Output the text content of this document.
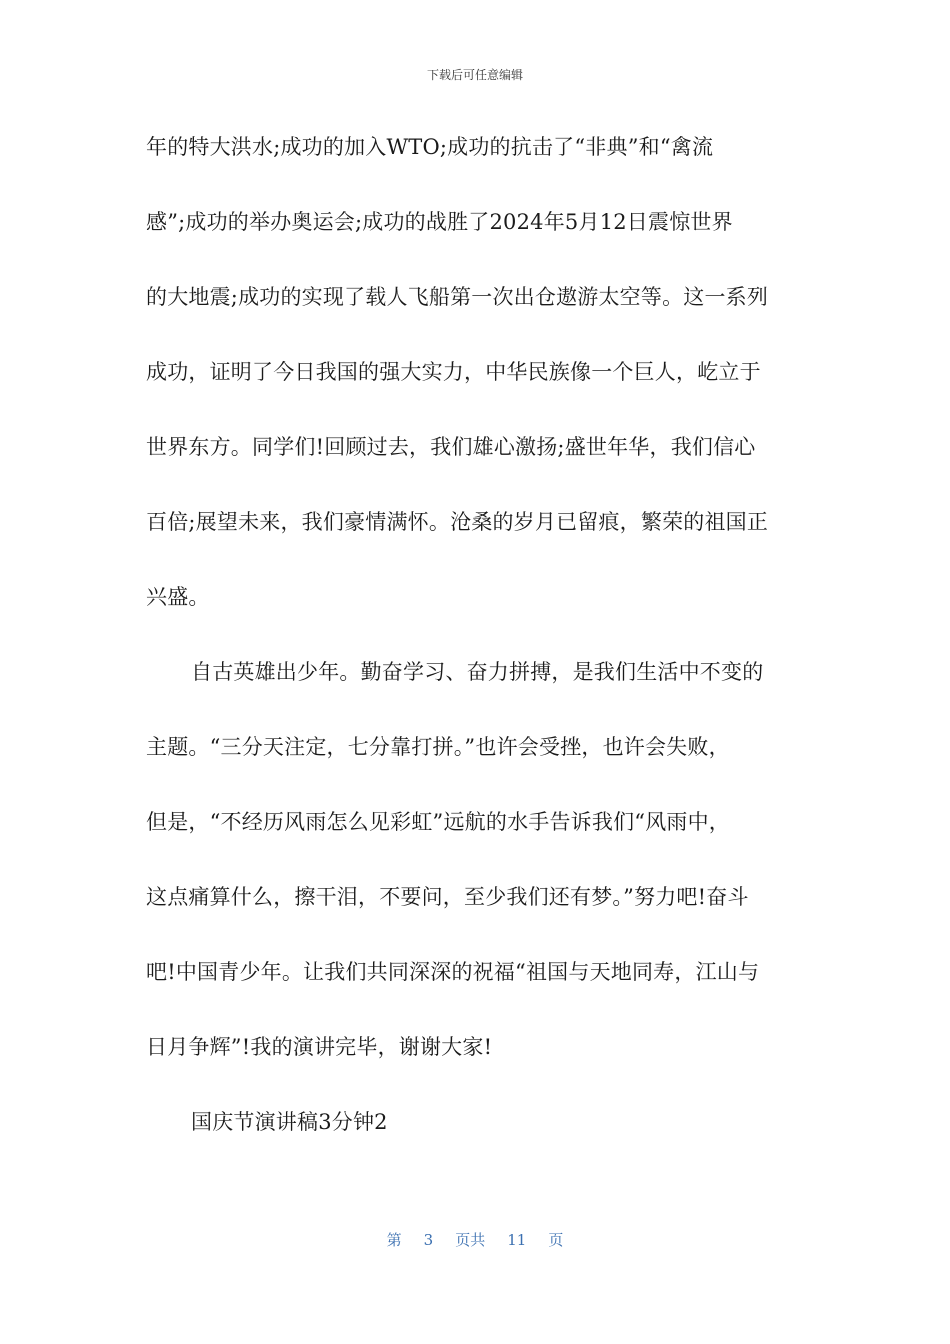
下载后可任意编辑
年的特大洪水;成功的加入WTO;成功的抗击了“非典”和“禽流
感”;成功的举办奥运会;成功的战胜了2024年5月12日震惊世界
的大地震;成功的实现了载人飞船第一次出仓遨游太空等。这一系列
成功，证明了今日我国的强大实力，中华民族像一个巨人，屹立于
世界东方。同学们!回顾过去，我们雄心激扬;盛世年华，我们信心
百倍;展望未来，我们豪情满怀。沧桑的岁月已留痕，繁荣的祖国正
兴盛。
自古英雄出少年。勤奋学习、奋力拼搏，是我们生活中不变的
主题。“三分天注定，七分靠打拼。”也许会受挫，也许会失败，
但是，“不经历风雨怎么见彩虹”远航的水手告诉我们“风雨中，
这点痛算什么，擦干泪，不要问，至少我们还有梦。”努力吧!奋斗
吧!中国青少年。让我们共同深深的祝福“祖国与天地同寿，江山与
日月争辉”!我的演讲完毕，谢谢大家!
国庆节演讲稿3分钟2
第 3 页共 11 页
